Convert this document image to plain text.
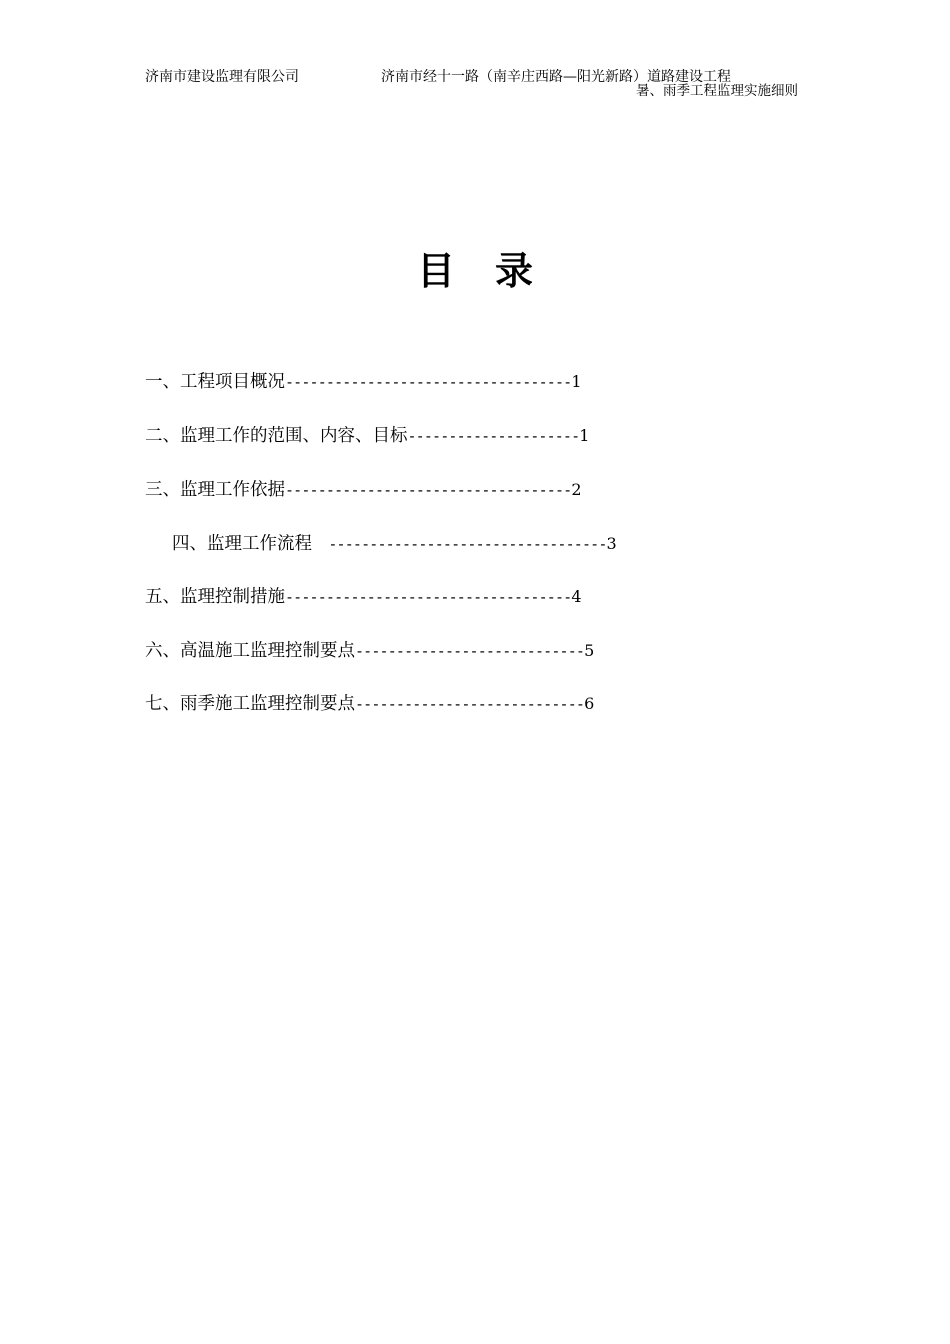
济南市建设监理有限公司	济南市经十一路（南辛庄西路—阳光新路）道路建设工程
暑、雨季工程监理实施细则
目 录
一、工程项目概况-----------------------------------1
二、监理工作的范围、内容、目标---------------------1
三、监理工作依据-----------------------------------2
四、监理工作流程  ----------------------------------3
五、监理控制措施-----------------------------------4
六、高温施工监理控制要点----------------------------5
七、雨季施工监理控制要点----------------------------6
